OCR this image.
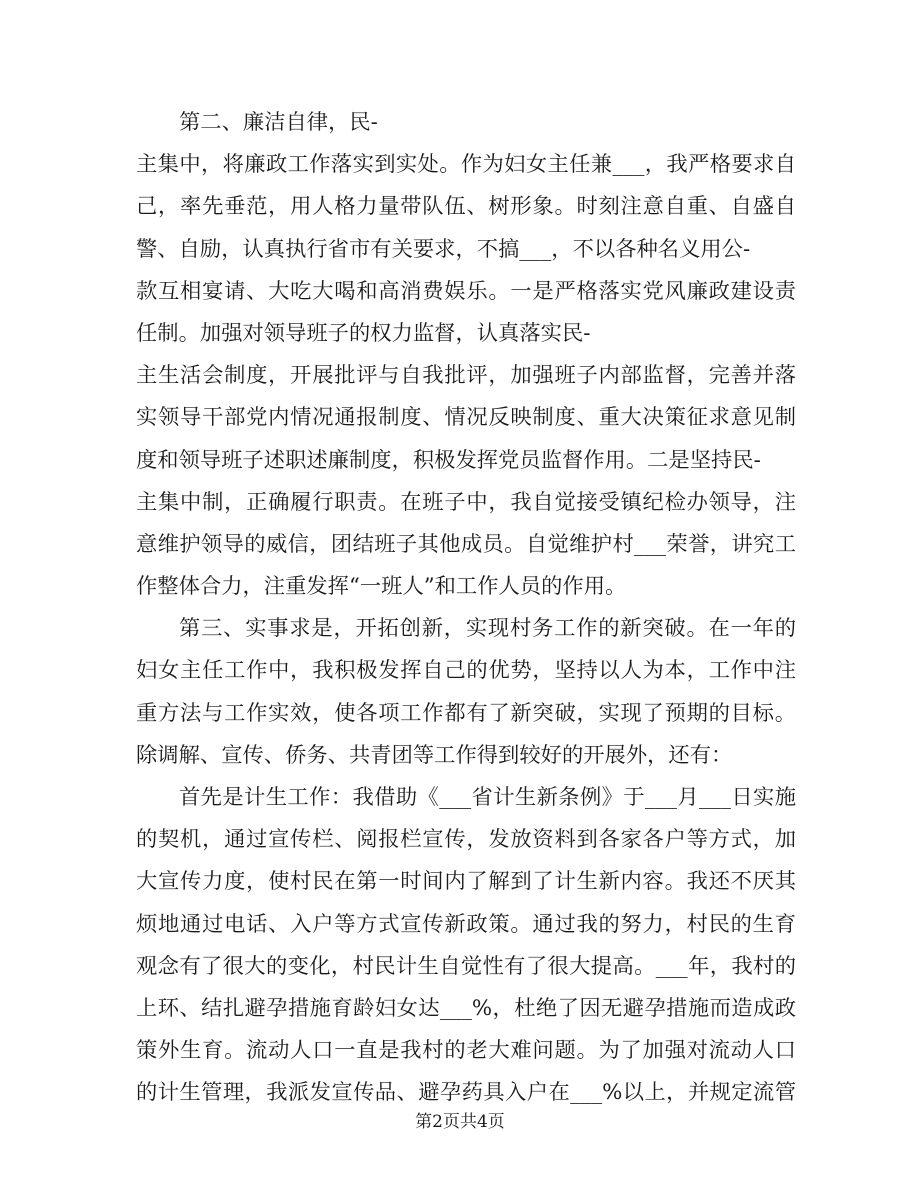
第二、廉洁自律，民-
主集中，将廉政工作落实到实处。作为妇女主任兼___，我严格要求自
己，率先垂范，用人格力量带队伍、树形象。时刻注意自重、自盛自
警、自励，认真执行省市有关要求，不搞___，不以各种名义用公-
款互相宴请、大吃大喝和高消费娱乐。一是严格落实党风廉政建设责
任制。加强对领导班子的权力监督，认真落实民-
主生活会制度，开展批评与自我批评，加强班子内部监督，完善并落
实领导干部党内情况通报制度、情况反映制度、重大决策征求意见制
度和领导班子述职述廉制度，积极发挥党员监督作用。二是坚持民-
主集中制，正确履行职责。在班子中，我自觉接受镇纪检办领导，注
意维护领导的威信，团结班子其他成员。自觉维护村___荣誉，讲究工
作整体合力，注重发挥“一班人”和工作人员的作用。
第三、实事求是，开拓创新，实现村务工作的新突破。在一年的
妇女主任工作中，我积极发挥自己的优势，坚持以人为本，工作中注
重方法与工作实效，使各项工作都有了新突破，实现了预期的目标。
除调解、宣传、侨务、共青团等工作得到较好的开展外，还有：
首先是计生工作：我借助《___省计生新条例》于___月___日实施
的契机，通过宣传栏、阅报栏宣传，发放资料到各家各户等方式，加
大宣传力度，使村民在第一时间内了解到了计生新内容。我还不厌其
烦地通过电话、入户等方式宣传新政策。通过我的努力，村民的生育
观念有了很大的变化，村民计生自觉性有了很大提高。___年，我村的
上环、结扎避孕措施育龄妇女达___%，杜绝了因无避孕措施而造成政
策外生育。流动人口一直是我村的老大难问题。为了加强对流动人口
的计生管理，我派发宣传品、避孕药具入户在___%以上，并规定流管
第2页共4页
